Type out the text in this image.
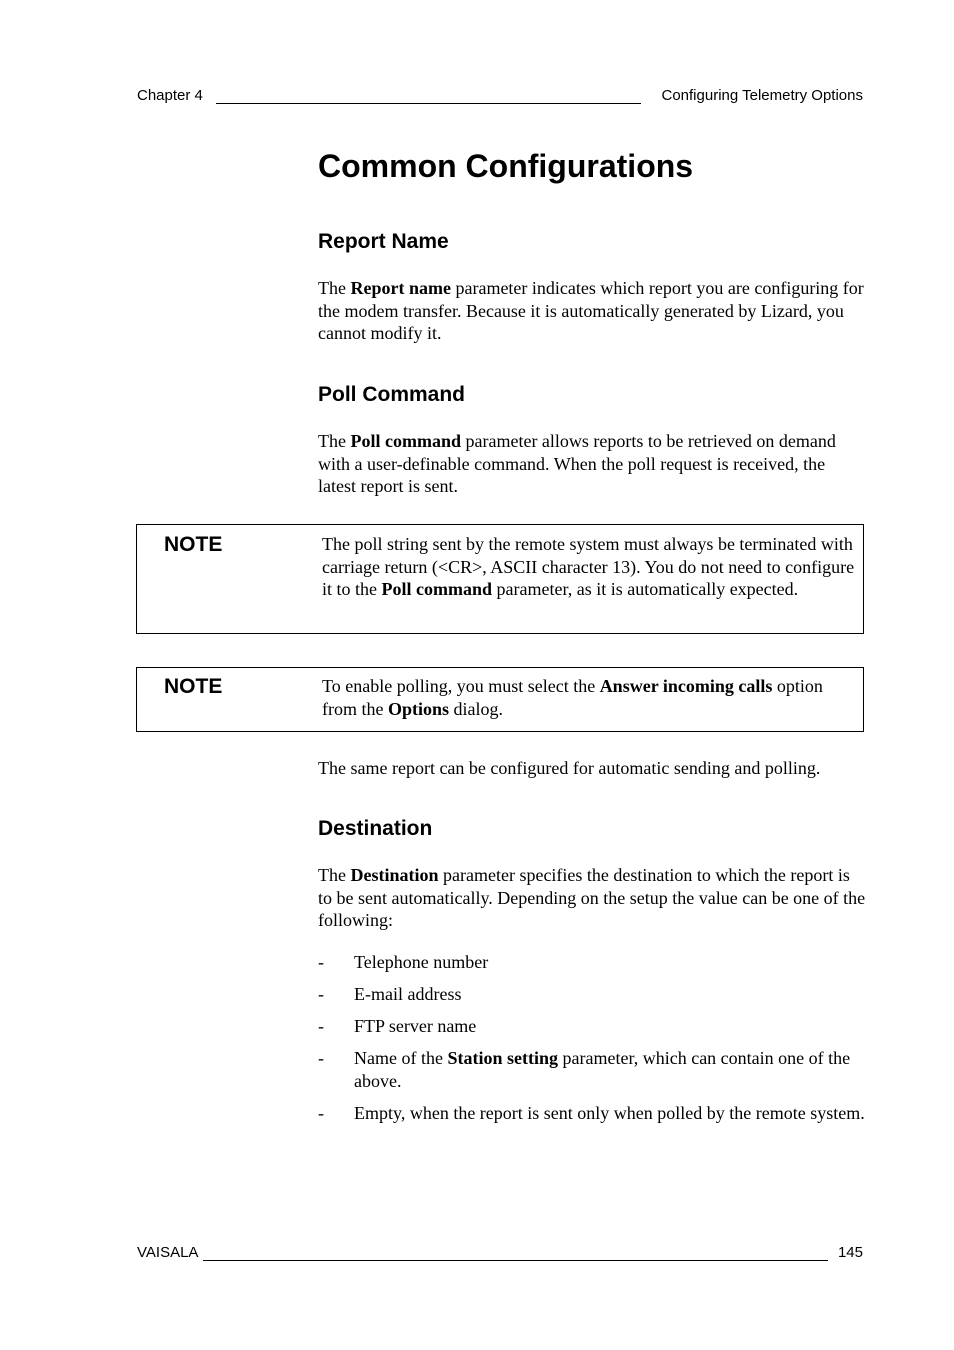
Chapter 4	Configuring Telemetry Options
Common Configurations
Report Name

The Report name parameter indicates which report you are configuring for the modem transfer. Because it is automatically generated by Lizard, you cannot modify it.

Poll Command

The Poll command parameter allows reports to be retrieved on demand with a user-definable command. When the poll request is received, the latest report is sent.

NOTE	The poll string sent by the remote system must always be terminated with carriage return (<CR>, ASCII character 13). You do not need to configure it to the Poll command parameter, as it is automatically expected.
NOTE	To enable polling, you must select the Answer incoming calls option from the Options dialog.

The same report can be configured for automatic sending and polling.

Destination

The Destination parameter specifies the destination to which the report is to be sent automatically. Depending on the setup the value can be one of the following:

- Telephone number
- E-mail address
- FTP server name
- Name of the Station setting parameter, which can contain one of the above.
- Empty, when the report is sent only when polled by the remote system.
VAISALA	145
